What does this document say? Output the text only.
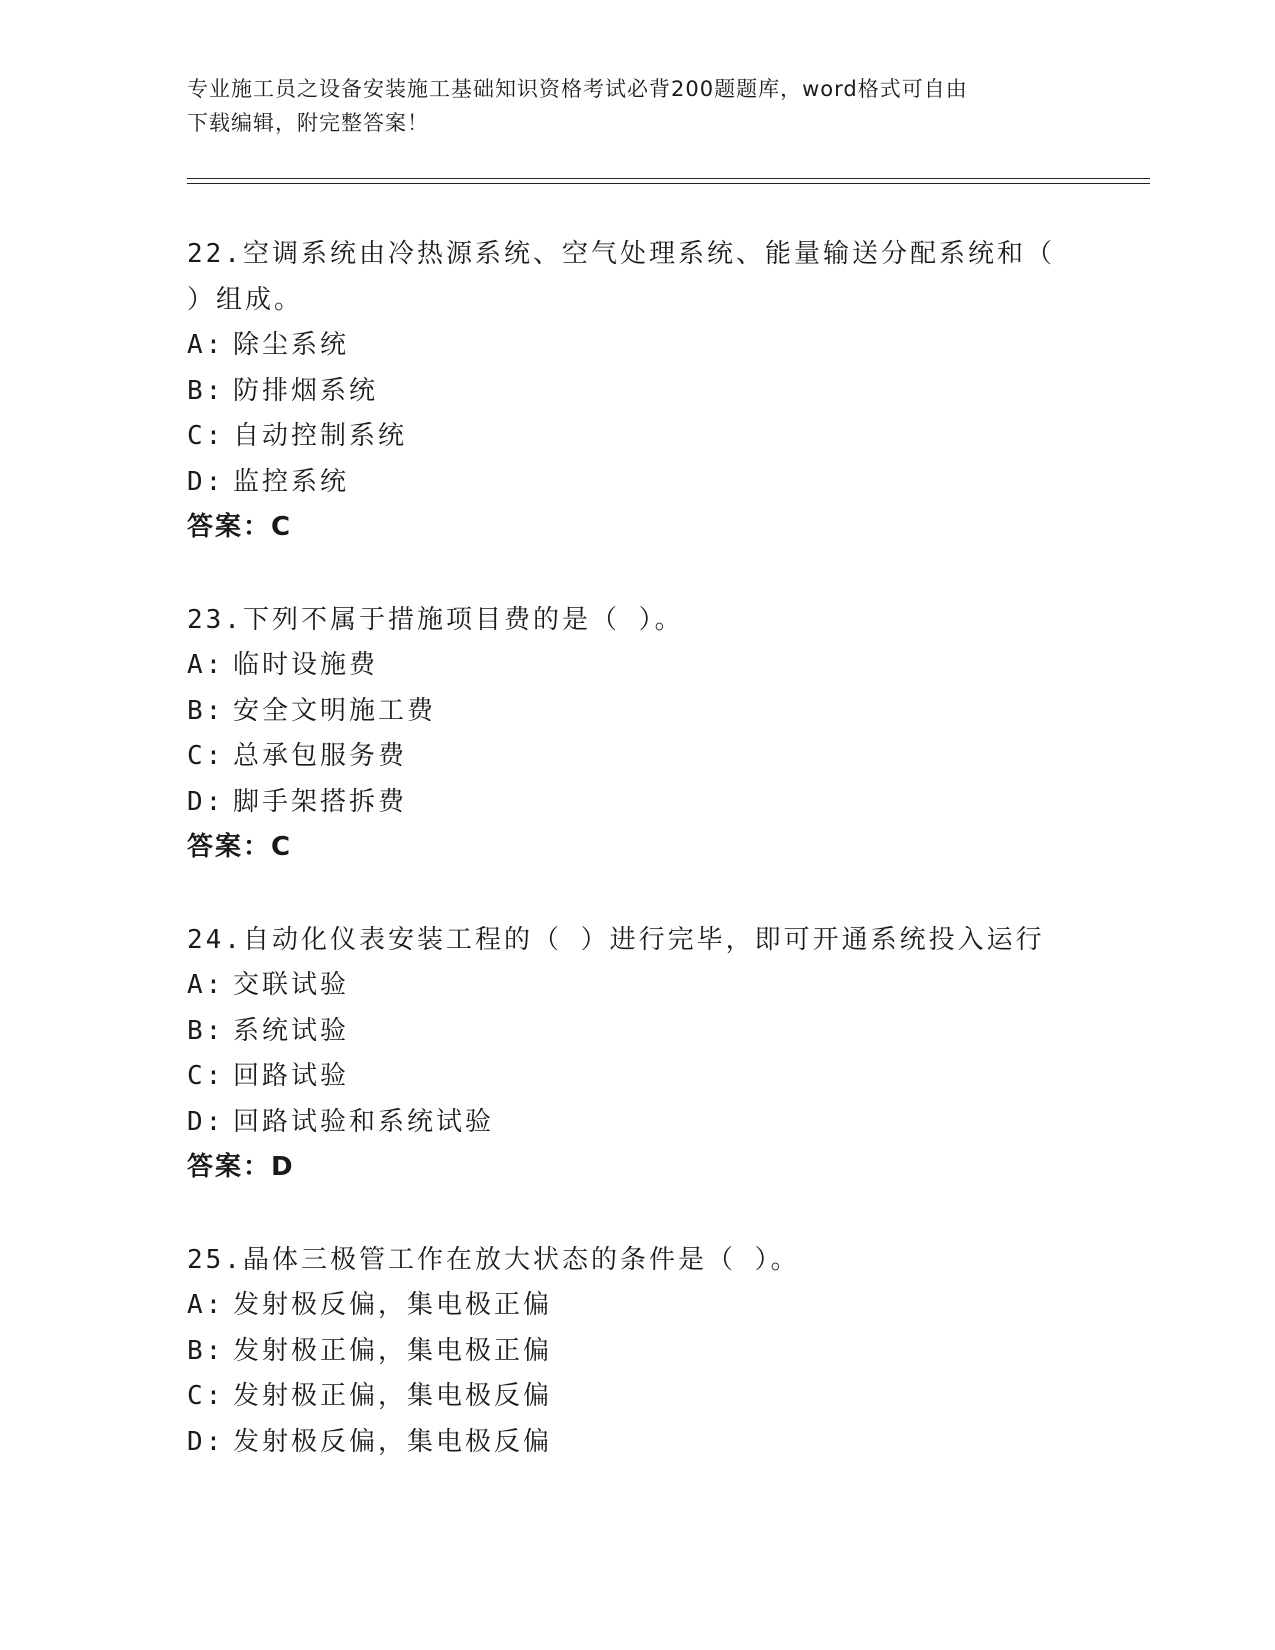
专业施工员之设备安装施工基础知识资格考试必背200题题库，word格式可自由
下载编辑，附完整答案！
22.空调系统由冷热源系统、空气处理系统、能量输送分配系统和（
）组成。
A: 除尘系统
B: 防排烟系统
C: 自动控制系统
D: 监控系统
答案：C
23.下列不属于措施项目费的是（ ）。
A: 临时设施费
B: 安全文明施工费
C: 总承包服务费
D: 脚手架搭拆费
答案：C
24.自动化仪表安装工程的（ ）进行完毕，即可开通系统投入运行
A: 交联试验
B: 系统试验
C: 回路试验
D: 回路试验和系统试验
答案：D
25.晶体三极管工作在放大状态的条件是（ ）。
A: 发射极反偏，集电极正偏
B: 发射极正偏，集电极正偏
C: 发射极正偏，集电极反偏
D: 发射极反偏，集电极反偏
